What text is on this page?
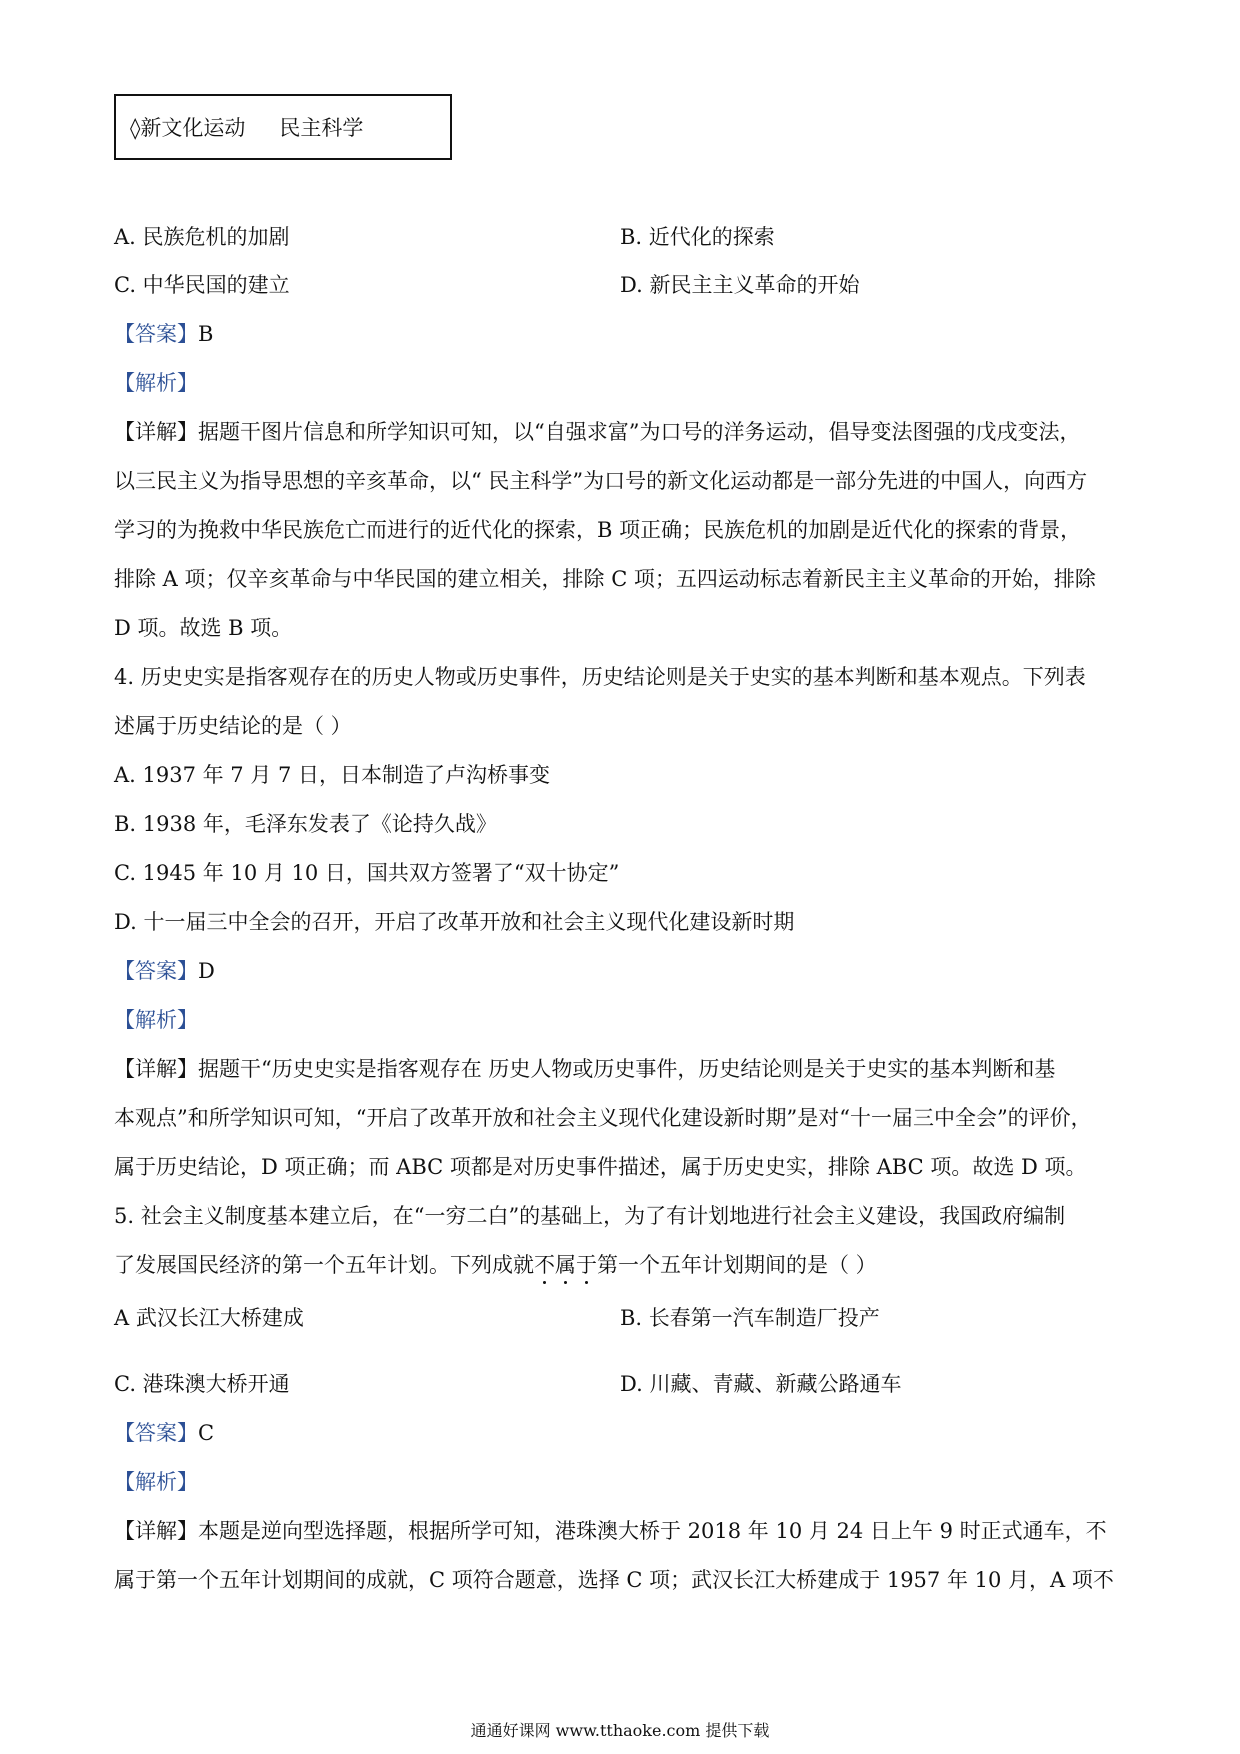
◊新文化运动 民主科学
A. 民族危机的加剧	B. 近代化的探索
C. 中华民国的建立	D. 新民主主义革命的开始
【答案】B
【解析】
【详解】据题干图片信息和所学知识可知，以“自强求富”为口号的洋务运动，倡导变法图强的戊戌变法，
以三民主义为指导思想的辛亥革命，以“ 民主科学”为口号的新文化运动都是一部分先进的中国人，向西方
学习的为挽救中华民族危亡而进行的近代化的探索，B 项正确；民族危机的加剧是近代化的探索的背景，
排除 A 项；仅辛亥革命与中华民国的建立相关，排除 C 项；五四运动标志着新民主主义革命的开始，排除
D 项。故选 B 项。
4. 历史史实是指客观存在的历史人物或历史事件，历史结论则是关于史实的基本判断和基本观点。下列表
述属于历史结论的是（ ）
A. 1937 年 7 月 7 日，日本制造了卢沟桥事变
B. 1938 年，毛泽东发表了《论持久战》
C. 1945 年 10 月 10 日，国共双方签署了“双十协定”
D. 十一届三中全会的召开，开启了改革开放和社会主义现代化建设新时期
【答案】D
【解析】
【详解】据题干“历史史实是指客观存在 历史人物或历史事件，历史结论则是关于史实的基本判断和基
本观点”和所学知识可知，“开启了改革开放和社会主义现代化建设新时期”是对“十一届三中全会”的评价，
属于历史结论，D 项正确；而 ABC 项都是对历史事件描述，属于历史史实，排除 ABC 项。故选 D 项。
5. 社会主义制度基本建立后，在“一穷二白”的基础上，为了有计划地进行社会主义建设，我国政府编制
了发展国民经济的第一个五年计划。下列成就不属于第一个五年计划期间的是（ ）
A 武汉长江大桥建成	B. 长春第一汽车制造厂投产
C. 港珠澳大桥开通	D. 川藏、青藏、新藏公路通车
【答案】C
【解析】
【详解】本题是逆向型选择题，根据所学可知，港珠澳大桥于 2018 年 10 月 24 日上午 9 时正式通车，不
属于第一个五年计划期间的成就，C 项符合题意，选择 C 项；武汉长江大桥建成于 1957 年 10 月，A 项不
通通好课网 www.tthaoke.com 提供下载
